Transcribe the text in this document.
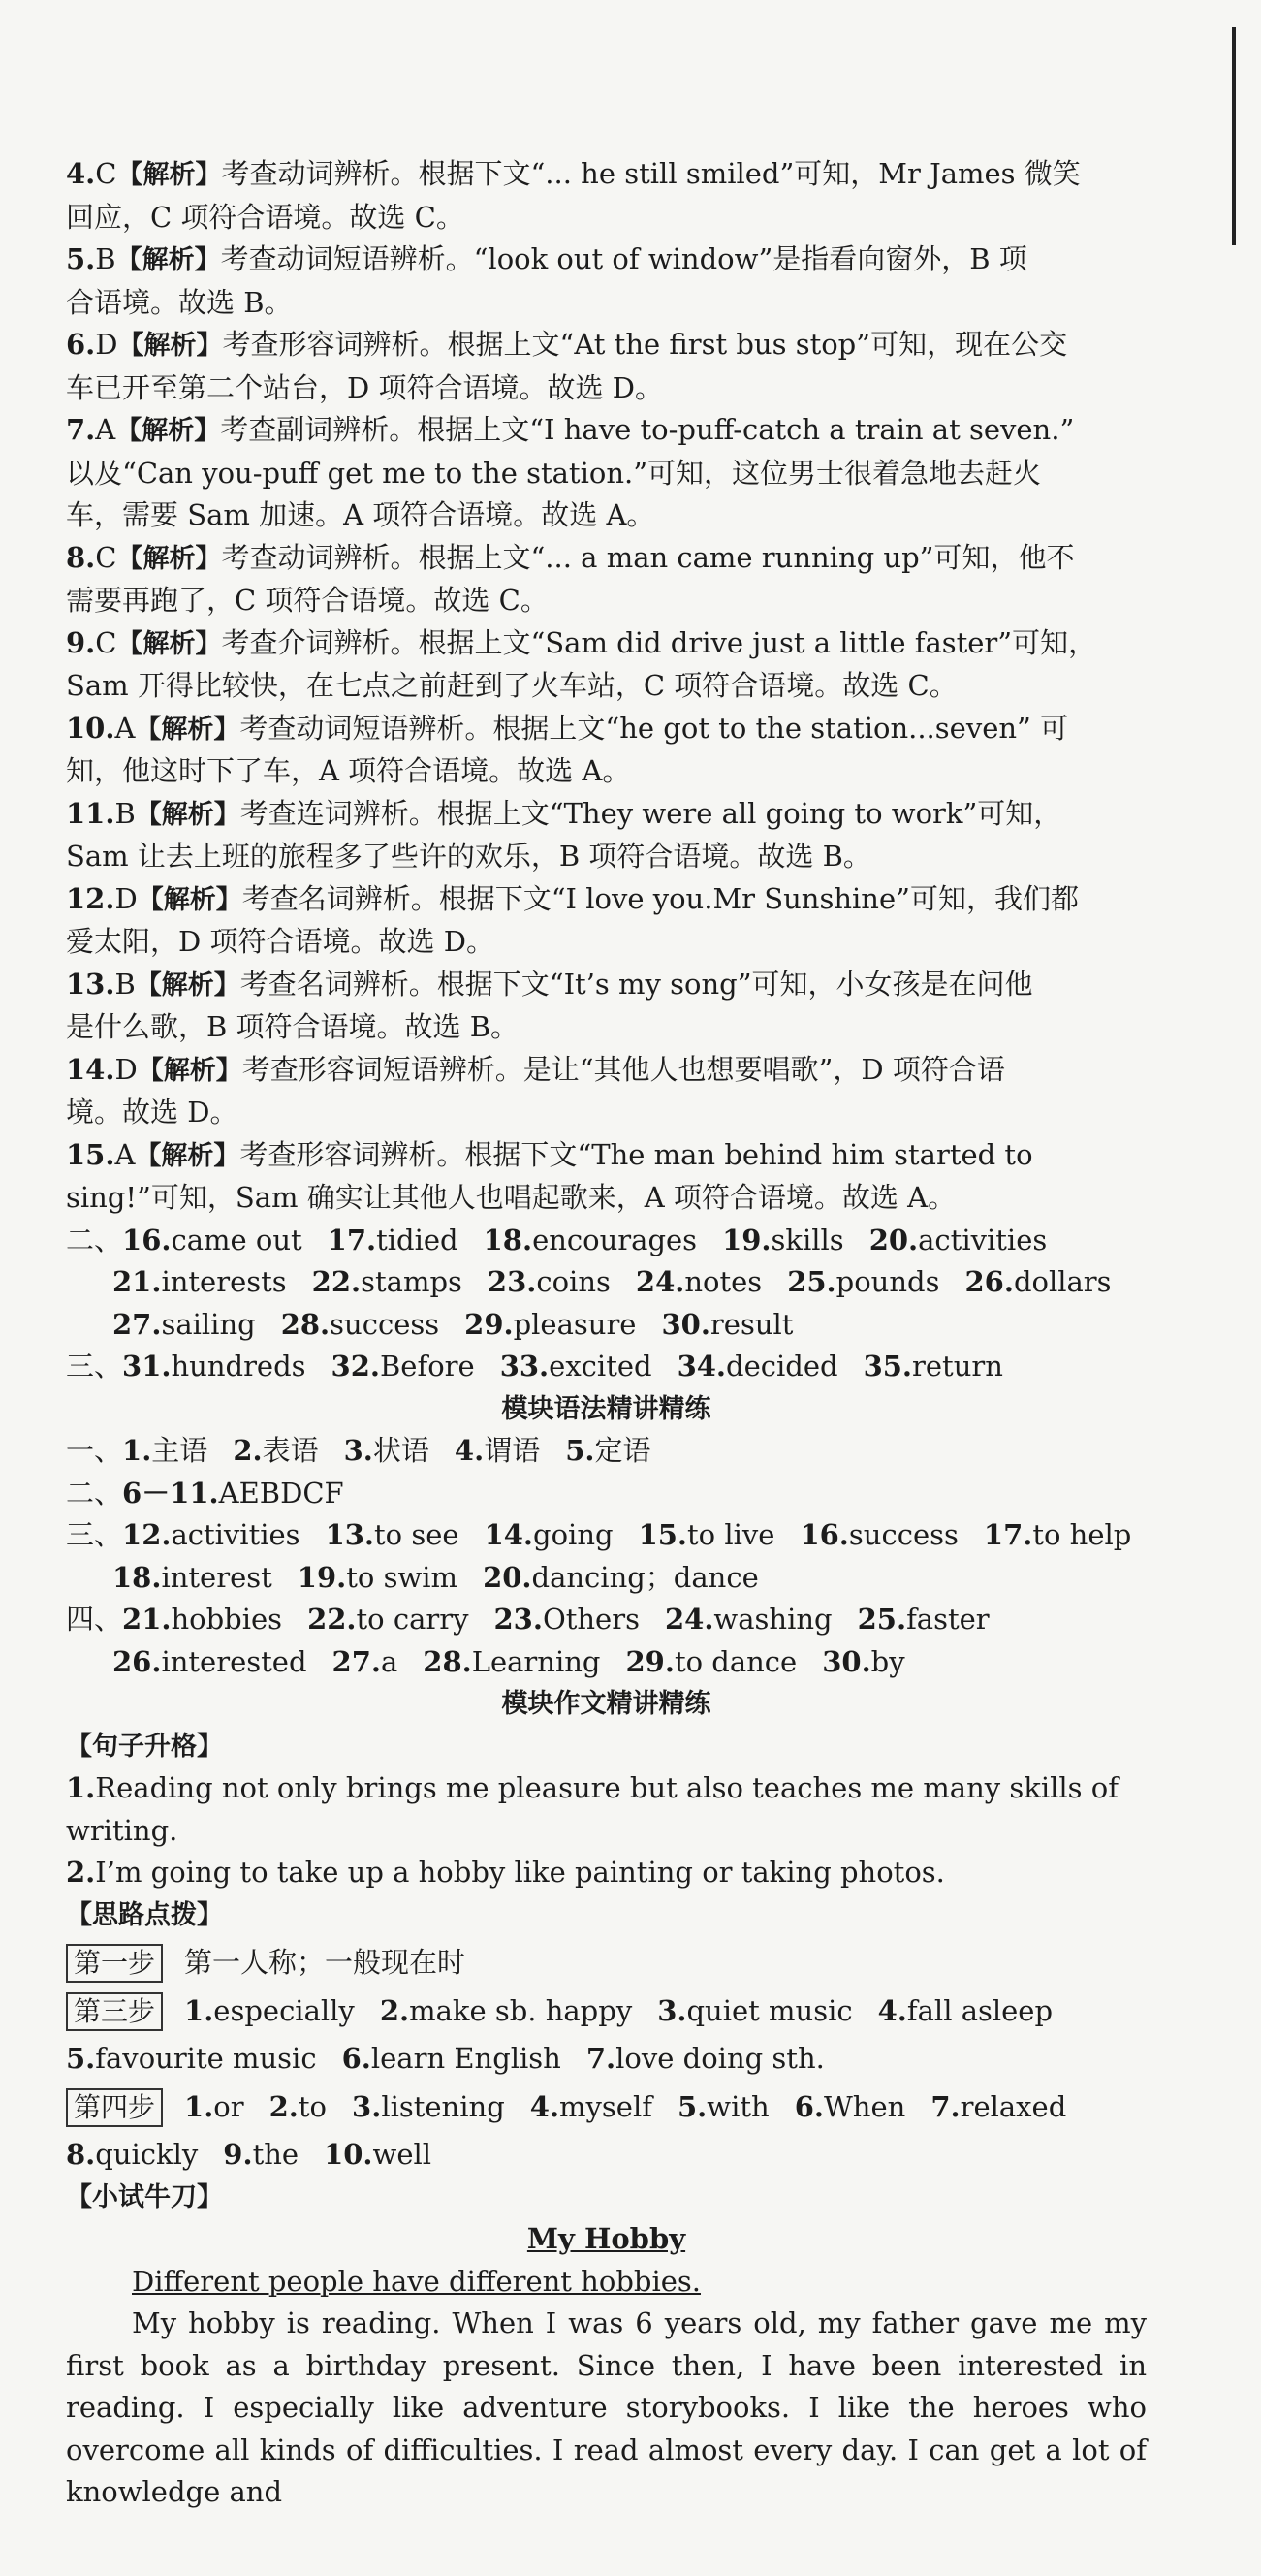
4.C【解析】考查动词辨析。根据下文“... he still smiled”可知，Mr James 微笑
回应，C 项符合语境。故选 C。
5.B【解析】考查动词短语辨析。“look out of window”是指看向窗外，B 项
合语境。故选 B。
6.D【解析】考查形容词辨析。根据上文“At the first bus stop”可知，现在公交
车已开至第二个站台，D 项符合语境。故选 D。
7.A【解析】考查副词辨析。根据上文“I have to-puff-catch a train at seven.”
以及“Can you-puff get me to the station.”可知，这位男士很着急地去赶火
车，需要 Sam 加速。A 项符合语境。故选 A。
8.C【解析】考查动词辨析。根据上文“... a man came running up”可知，他不
需要再跑了，C 项符合语境。故选 C。
9.C【解析】考查介词辨析。根据上文“Sam did drive just a little faster”可知，
Sam 开得比较快，在七点之前赶到了火车站，C 项符合语境。故选 C。
10.A【解析】考查动词短语辨析。根据上文“he got to the station...seven” 可
知，他这时下了车，A 项符合语境。故选 A。
11.B【解析】考查连词辨析。根据上文“They were all going to work”可知，
Sam 让去上班的旅程多了些许的欢乐，B 项符合语境。故选 B。
12.D【解析】考查名词辨析。根据下文“I love you.Mr Sunshine”可知，我们都
爱太阳，D 项符合语境。故选 D。
13.B【解析】考查名词辨析。根据下文“It’s my song”可知，小女孩是在问他
是什么歌，B 项符合语境。故选 B。
14.D【解析】考查形容词短语辨析。是让“其他人也想要唱歌”，D 项符合语
境。故选 D。
15.A【解析】考查形容词辨析。根据下文“The man behind him started to
sing!”可知，Sam 确实让其他人也唱起歌来，A 项符合语境。故选 A。
二、16.came out 17.tidied 18.encourages 19.skills 20.activities
21.interests 22.stamps 23.coins 24.notes 25.pounds 26.dollars
27.sailing 28.success 29.pleasure 30.result
三、31.hundreds 32.Before 33.excited 34.decided 35.return
模块语法精讲精练
一、1.主语 2.表语 3.状语 4.谓语 5.定语
二、6－11.AEBDCF
三、12.activities 13.to see 14.going 15.to live 16.success 17.to help
18.interest 19.to swim 20.dancing；dance
四、21.hobbies 22.to carry 23.Others 24.washing 25.faster
26.interested 27.a 28.Learning 29.to dance 30.by
模块作文精讲精练
【句子升格】
1.Reading not only brings me pleasure but also teaches me many skills of writing.
2.I’m going to take up a hobby like painting or taking photos.
【思路点拨】
第一步 第一人称；一般现在时
第三步 1.especially 2.make sb. happy 3.quiet music 4.fall asleep
5.favourite music 6.learn English 7.love doing sth.
第四步 1.or 2.to 3.listening 4.myself 5.with 6.When 7.relaxed
8.quickly 9.the 10.well
【小试牛刀】
My Hobby
Different people have different hobbies.
My hobby is reading. When I was 6 years old, my father gave me my first book as a birthday present. Since then, I have been interested in reading. I especially like adventure storybooks. I like the heroes who overcome all kinds of difficulties. I read almost every day. I can get a lot of knowledge and
